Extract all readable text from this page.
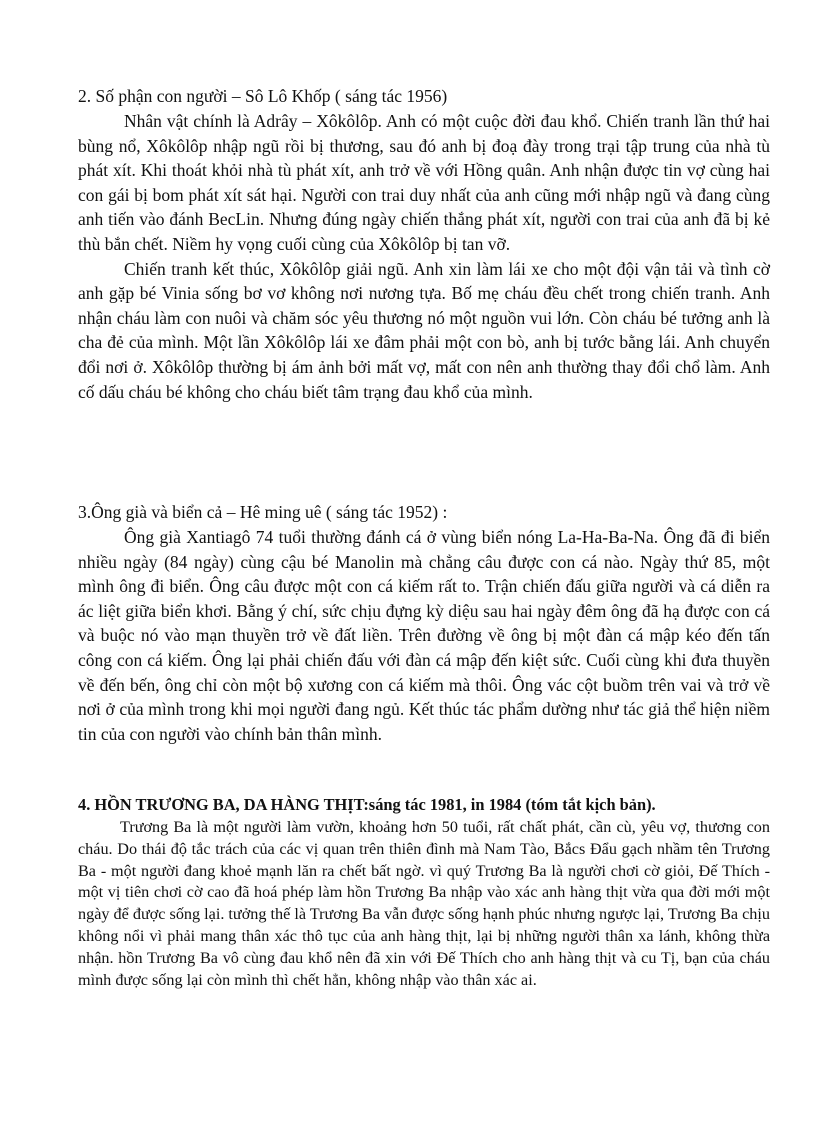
2. Số phận con người – Sô Lô Khốp ( sáng tác 1956)

Nhân vật chính là Adrây – Xôkôlôp. Anh có một cuộc đời đau khổ. Chiến tranh lần thứ hai bùng nổ, Xôkôlôp nhập ngũ rồi bị thương, sau đó anh bị đoạ đày trong trại tập trung của nhà tù phát xít. Khi thoát khỏi nhà tù phát xít, anh trở về với Hồng quân. Anh nhận được tin vợ cùng hai con gái bị bom phát xít sát hại. Người con trai duy nhất của anh cũng mới nhập ngũ và đang cùng anh tiến vào đánh BecLin. Nhưng đúng ngày chiến thắng phát xít, người con trai của anh đã bị kẻ thù bắn chết. Niềm hy vọng cuối cùng của Xôkôlôp bị tan vỡ.

Chiến tranh kết thúc, Xôkôlôp giải ngũ. Anh xin làm lái xe cho một đội vận tải và tình cờ anh gặp bé Vinia sống bơ vơ không nơi nương tựa. Bố mẹ cháu đều chết trong chiến tranh. Anh nhận cháu làm con nuôi và chăm sóc yêu thương nó một nguồn vui lớn. Còn cháu bé tưởng anh là cha đẻ của mình. Một lần Xôkôlôp lái xe đâm phải một con bò, anh bị tước bằng lái. Anh chuyển đổi nơi ở. Xôkôlôp thường bị ám ảnh bởi mất vợ, mất con nên anh thường thay đổi chổ làm. Anh cố dấu cháu bé không cho cháu biết tâm trạng đau khổ của mình.

3.Ông già và biển cả – Hê ming uê ( sáng tác 1952) :

Ông già Xantiagô 74 tuổi thường đánh cá ở vùng biển nóng La-Ha-Ba-Na. Ông đã đi biển nhiều ngày (84 ngày) cùng cậu bé Manolin mà chẳng câu được con cá nào. Ngày thứ 85, một mình ông đi biển. Ông câu được một con cá kiếm rất to. Trận chiến đấu giữa người và cá diễn ra ác liệt giữa biển khơi. Bằng ý chí, sức chịu đựng kỳ diệu sau hai ngày đêm ông đã hạ được con cá và buộc nó vào mạn thuyền trở về đất liền. Trên đường về ông bị một đàn cá mập kéo đến tấn công con cá kiếm. Ông lại phải chiến đấu với đàn cá mập đến kiệt sức. Cuối cùng khi đưa thuyền về đến bến, ông chỉ còn một bộ xương con cá kiếm mà thôi. Ông vác cột buồm trên vai và trở về nơi ở của mình trong khi mọi người đang ngủ. Kết thúc tác phẩm dường như tác giả thể hiện niềm tin của con người vào chính bản thân mình.

4. HỒN TRƯƠNG BA, DA HÀNG THỊT:sáng tác 1981, in 1984 (tóm tắt kịch bản).

Trương Ba là một người làm vườn, khoảng hơn 50 tuổi, rất chất phát, cần cù, yêu vợ, thương con cháu. Do thái độ tắc trách của các vị quan trên thiên đình mà Nam Tào, Bắcs Đẩu gạch nhầm tên Trương Ba - một người đang khoẻ mạnh lăn ra chết bất ngờ. vì quý Trương Ba là người chơi cờ giỏi, Đế Thích - một vị tiên chơi cờ cao đã hoá phép làm hồn Trương Ba nhập vào xác anh hàng thịt vừa qua đời mới một ngày để được sống lại. tưởng thế là Trương Ba vẫn được sống hạnh phúc nhưng ngược lại, Trương Ba chịu không nổi vì phải mang thân xác thô tục của anh hàng thịt, lại bị những người thân xa lánh, không thừa nhận. hồn Trương Ba vô cùng đau khổ nên đã xin với Đế Thích cho anh hàng thịt và cu Tị, bạn của cháu mình được sống lại còn mình thì chết hẳn, không nhập vào thân xác ai.
